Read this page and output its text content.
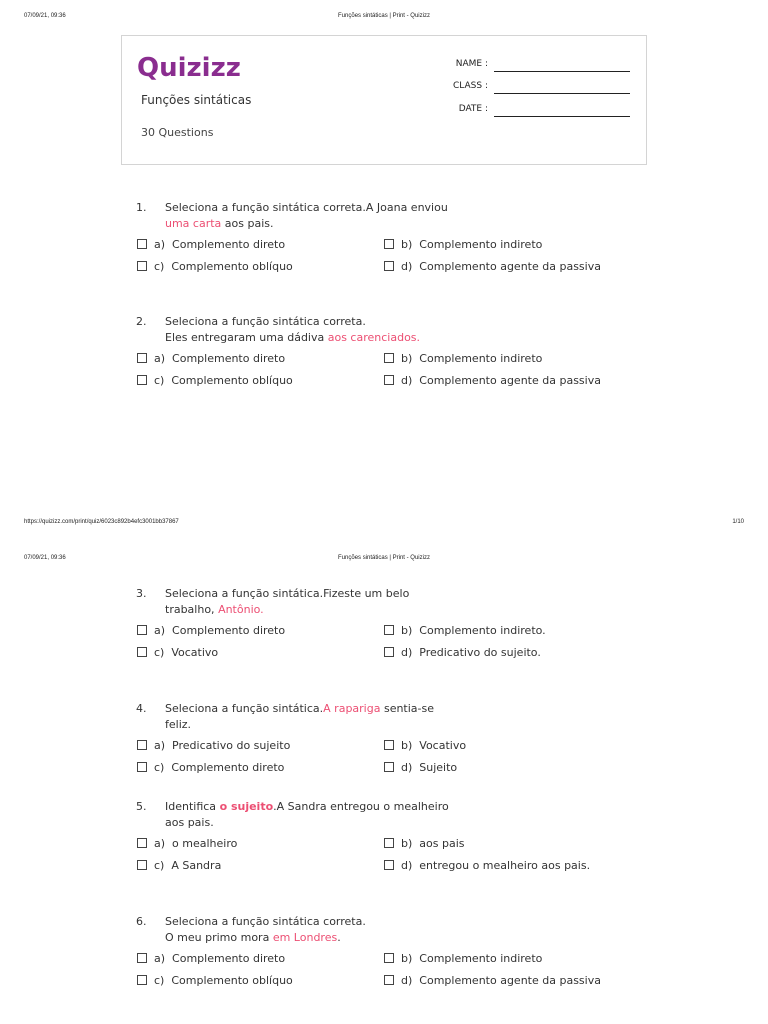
07/09/21, 09:36	Funções sintáticas | Print - Quizizz
Quizizz
Funções sintáticas
30 Questions
NAME :
CLASS :
DATE :
1. Seleciona a função sintática correta.A Joana enviou uma carta aos pais.
a) Complemento direto	b) Complemento indireto
c) Complemento oblíquo	d) Complemento agente da passiva
2. Seleciona a função sintática correta.
Eles entregaram uma dádiva aos carenciados.
a) Complemento direto	b) Complemento indireto
c) Complemento oblíquo	d) Complemento agente da passiva
https://quizizz.com/print/quiz/6023c892b4efc3001bb37867	1/10
07/09/21, 09:36	Funções sintáticas | Print - Quizizz
3. Seleciona a função sintática.Fizeste um belo trabalho, Antônio.
a) Complemento direto	b) Complemento indireto.
c) Vocativo	d) Predicativo do sujeito.
4. Seleciona a função sintática.A rapariga sentia-se feliz.
a) Predicativo do sujeito	b) Vocativo
c) Complemento direto	d) Sujeito
5. Identifica o sujeito.A Sandra entregou o mealheiro aos pais.
a) o mealheiro	b) aos pais
c) A Sandra	d) entregou o mealheiro aos pais.
6. Seleciona a função sintática correta.
O meu primo mora em Londres.
a) Complemento direto	b) Complemento indireto
c) Complemento oblíquo	d) Complemento agente da passiva
